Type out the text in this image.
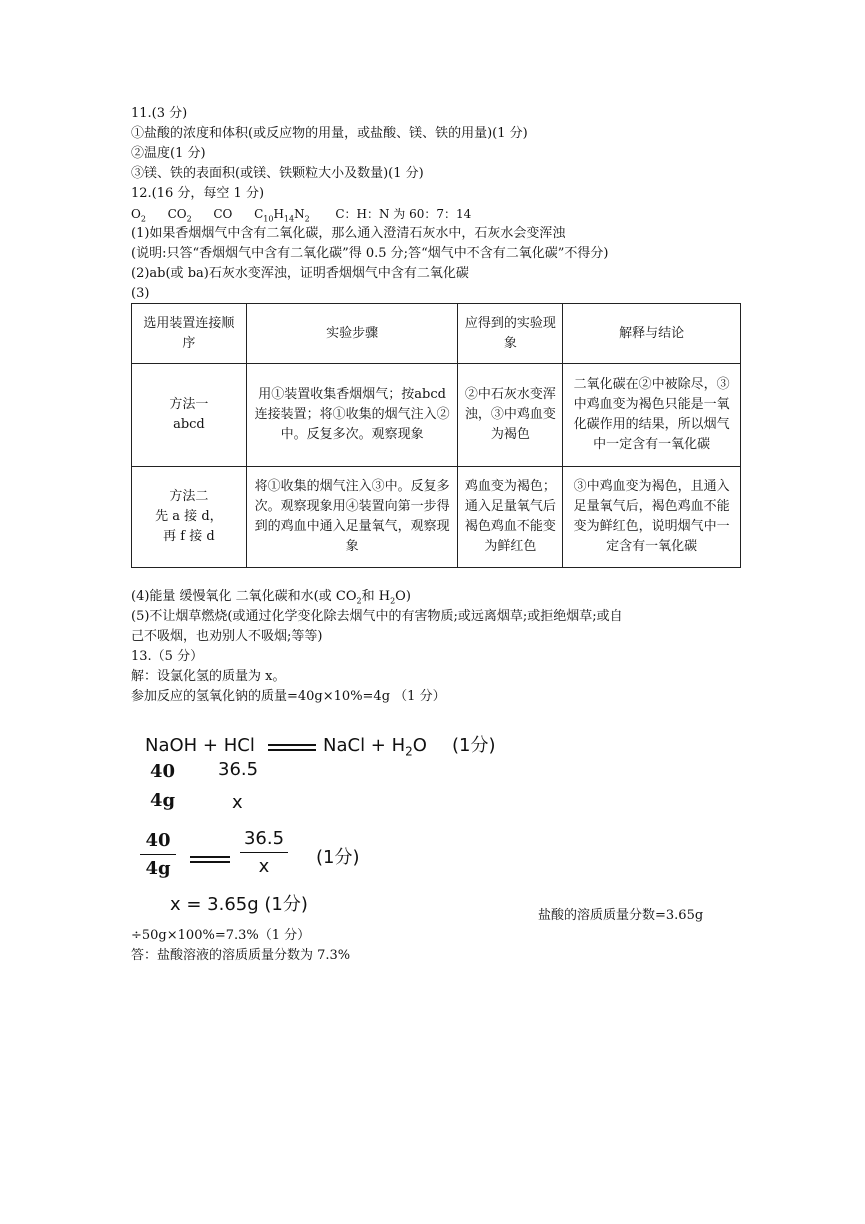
11.(3 分)
①盐酸的浓度和体积(或反应物的用量，或盐酸、镁、铁的用量)(1 分)
②温度(1 分)
③镁、铁的表面积(或镁、铁颗粒大小及数量)(1 分)
12.(16 分，每空 1 分)
$O_2$ $CO_2$ CO $C_{10}H_{14}N_2$ C：H：N 为 60：7：14
(1)如果香烟烟气中含有二氧化碳，那么通入澄清石灰水中，石灰水会变浑浊
(说明:只答“香烟烟气中含有二氧化碳”得 0.5 分;答“烟气中不含有二氧化碳”不得分)
(2)ab(或 ba)石灰水变浑浊，证明香烟烟气中含有二氧化碳
(3)
选用装置连接顺序	实验步骤	应得到的实验现象	解释与结论
方法一
abcd	用①装置收集香烟烟气；按abcd连接装置；将①收集的烟气注入②中。反复多次。观察现象	②中石灰水变浑浊，③中鸡血变为褐色	二氧化碳在②中被除尽，③中鸡血变为褐色只能是一氧化碳作用的结果，所以烟气中一定含有一氧化碳
方法二
先 a 接 d，
再 f 接 d	将①收集的烟气注入③中。反复多次。观察现象用④装置向第一步得到的鸡血中通入足量氧气，观察现象	鸡血变为褐色；通入足量氧气后褐色鸡血不能变为鲜红色	③中鸡血变为褐色，且通入足量氧气后，褐色鸡血不能变为鲜红色，说明烟气中一定含有一氧化碳
(4)能量 缓慢氧化 二氧化碳和水(或 $CO_2$和 $H_2O$)
(5)不让烟草燃烧(或通过化学变化除去烟气中的有害物质;或远离烟草;或拒绝烟草;或自
己不吸烟，也劝别人不吸烟;等等)
13.（5 分）
解：设氯化氢的质量为 x。
参加反应的氢氧化钠的质量=40g×10%=4g （1 分）
NaOH + HCl	NaCl + $H_2O$ (1分)
40 36.5
4g	x
40
4g
36.5
x	(1分)
x = 3.65g (1分)
盐酸的溶质质量分数=3.65g
÷50g×100%=7.3%（1 分）
答：盐酸溶液的溶质质量分数为 7.3%
